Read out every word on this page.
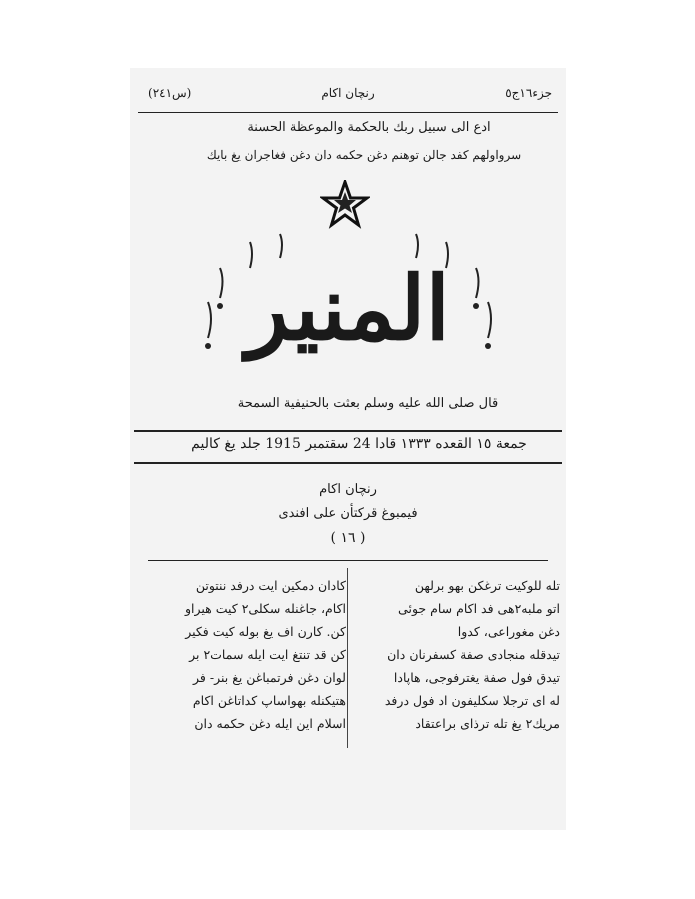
جزء١٦ج٥
رنچان اكام
(س٢٤١)
ادع الى سبيل ربك بالحكمة والموعظة الحسنة
سرواولهم كفد جالن توهنم دغن حكمه دان دغن فغاجران يغ بايك
المنير
قال صلى الله عليه وسلم بعثت بالحنيفية السمحة
جمعة ١٥ القعده ١٣٣٣ قادا 24 سقتمبر 1915 جلد يغ كاليم
رنچان اكام
فيمبوغ قركتأن على افندى
( ١٦ )
تله للوكيت ترغكن بهو برلهن
اتو ملبه٢هى فد اكام سام جوئى
دغن مغوراعى، كدوا
تيدقله منجادى صفة كسفرنان دان
تيدق فول صفة يغترفوجى، هاپادا
له اى ترجلا سكليفون اد فول درفد
مريك٢ يغ تله ترذاى براعتقاد
كادان دمكين ايت درفد ننتوتن
اكام، جاغنله سكلى٢ كيت هيراو
كن. كارن اف يغ بوله كيت فكير
كن قد تنتغ ايت ايله سمات٢ بر
لوان دغن فرتمباغن يغ بنر- فر
هتيكنله بهواساپ كداتاغن اكام
اسلام اين ايله دغن حكمه دان
